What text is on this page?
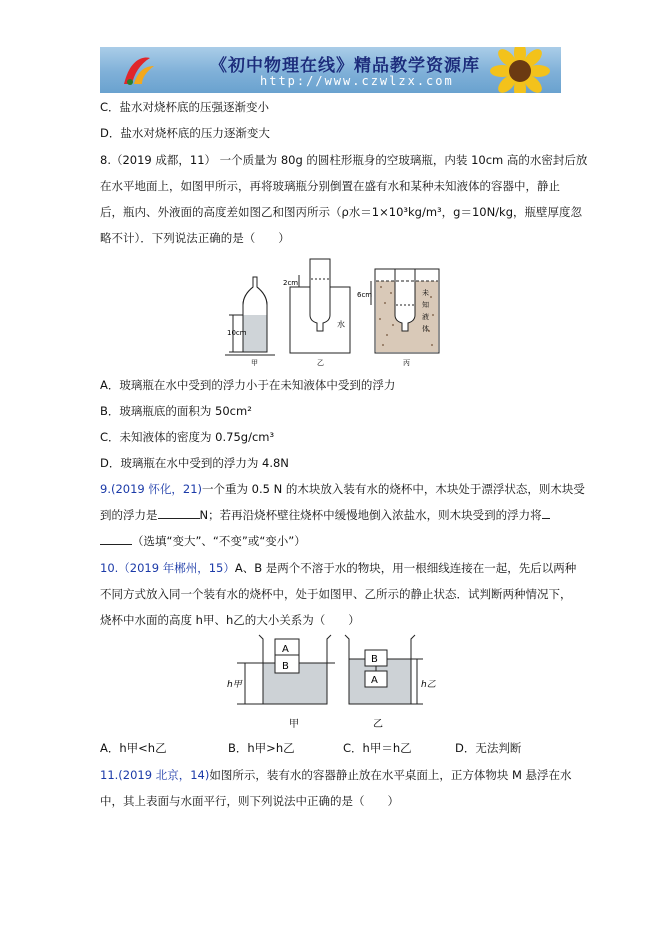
《初中物理在线》精品教学资源库
http://www.czwlzx.com
C．盐水对烧杯底的压强逐渐变小
D．盐水对烧杯底的压力逐渐变大
8.（2019 成都，11） 一个质量为 80g 的圆柱形瓶身的空玻璃瓶，内装 10cm 高的水密封后放
在水平地面上，如图甲所示，再将玻璃瓶分别倒置在盛有水和某种未知液体的容器中，静止
后，瓶内、外液面的高度差如图乙和图丙所示（ρ水＝1×10³kg/m³，g＝10N/kg，瓶壁厚度忽
略不计）．下列说法正确的是（　　）
10cm
甲
2cm
水
乙
6cm	未
知
液
体
丙
A．玻璃瓶在水中受到的浮力小于在未知液体中受到的浮力
B．玻璃瓶底的面积为 50cm²
C．未知液体的密度为 0.75g/cm³
D．玻璃瓶在水中受到的浮力为 4.8N
9.(2019 怀化，21)一个重为 0.5 N 的木块放入装有水的烧杯中，木块处于漂浮状态，则木块受
到的浮力是	N；若再沿烧杯壁往烧杯中缓慢地倒入浓盐水，则木块受到的浮力将
（选填“变大”、“不变”或“变小”）
10.（2019 年郴州，15）A、B 是两个不溶于水的物块，用一根细线连接在一起，先后以两种
不同方式放入同一个装有水的烧杯中，处于如图甲、乙所示的静止状态．试判断两种情况下，
烧杯中水面的高度 h甲、h乙的大小关系为（　　）
A
B
h甲
甲
B
A	h乙
乙
A．h甲<h乙	B．h甲>h乙	C．h甲＝h乙	D．无法判断
11.(2019 北京，14)如图所示，装有水的容器静止放在水平桌面上，正方体物块 M 悬浮在水
中，其上表面与水面平行，则下列说法中正确的是（　　）
